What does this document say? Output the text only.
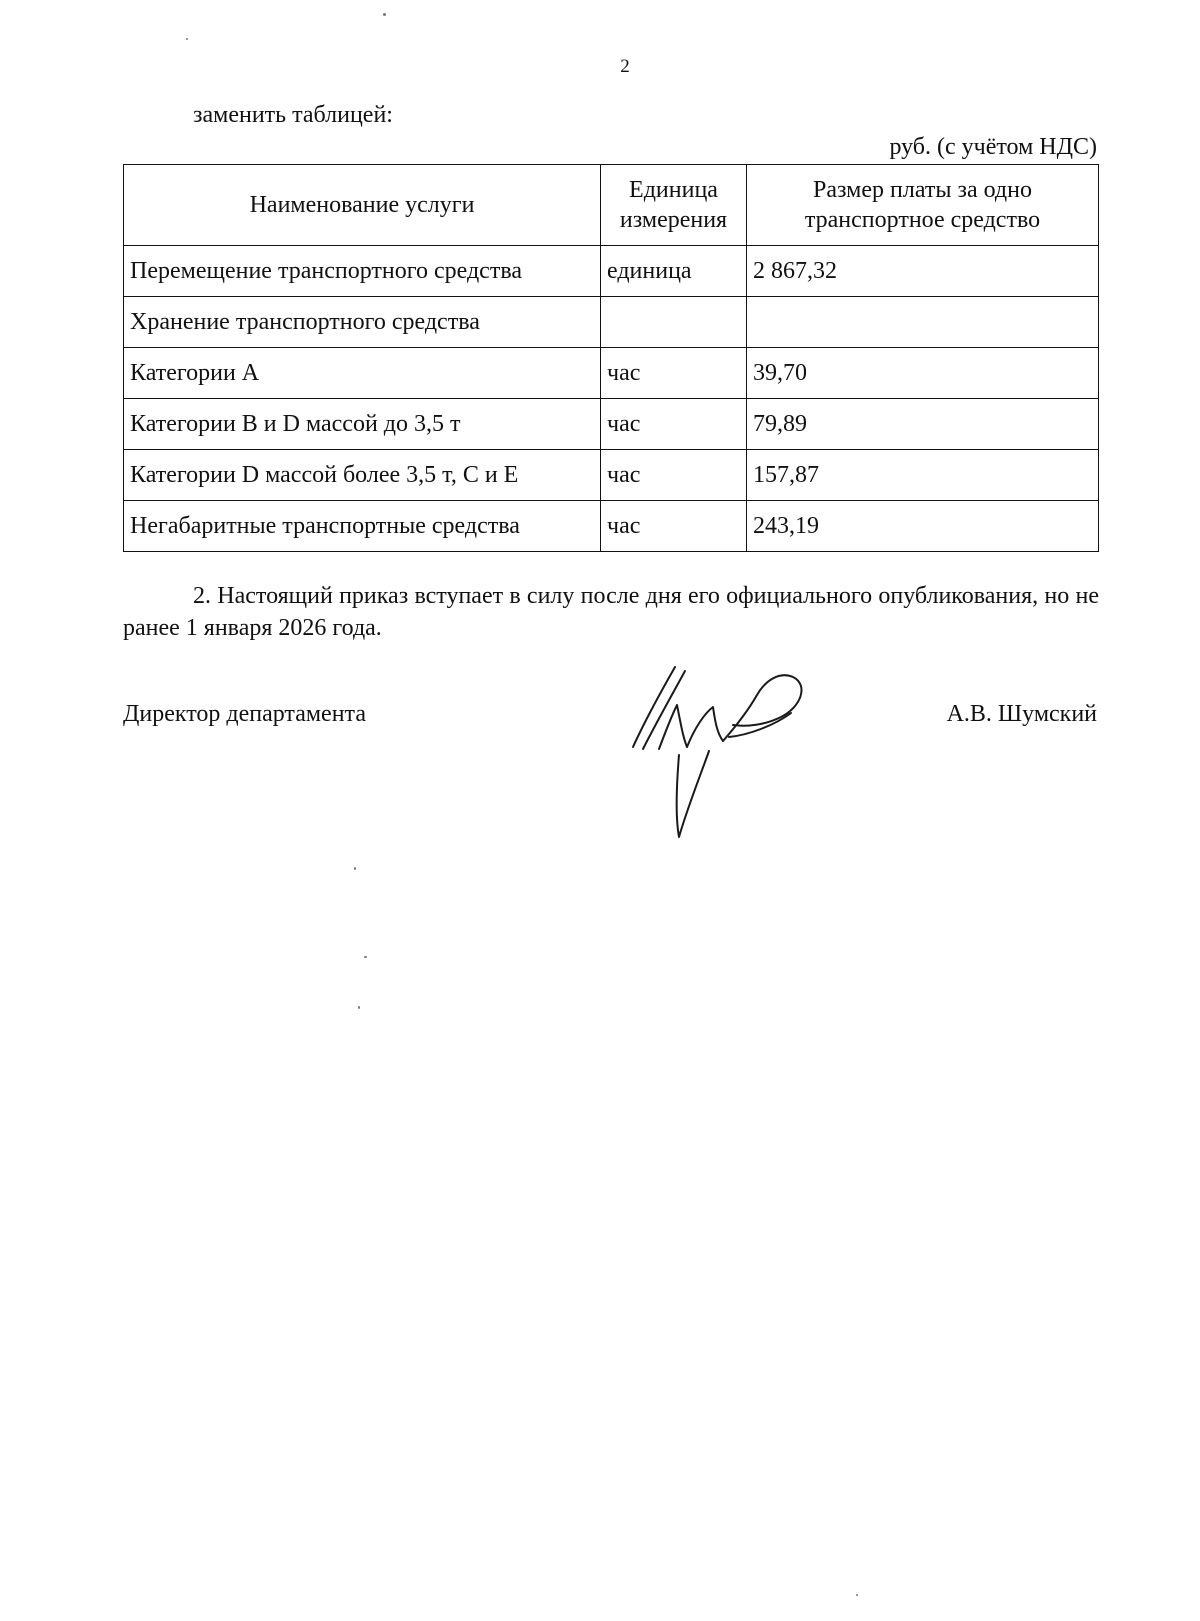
2
заменить таблицей:
руб. (с учётом НДС)
Наименование услуги	Единица измерения	Размер платы за одно транспортное средство
Перемещение транспортного средства	единица	2 867,32
Хранение транспортного средства		
Категории А	час	39,70
Категории В и D массой до 3,5 т	час	79,89
Категории D массой более 3,5 т, С и Е	час	157,87
Негабаритные транспортные средства	час	243,19
2. Настоящий приказ вступает в силу после дня его официального опубликования, но не ранее 1 января 2026 года.
Директор департамента	А.В. Шумский
